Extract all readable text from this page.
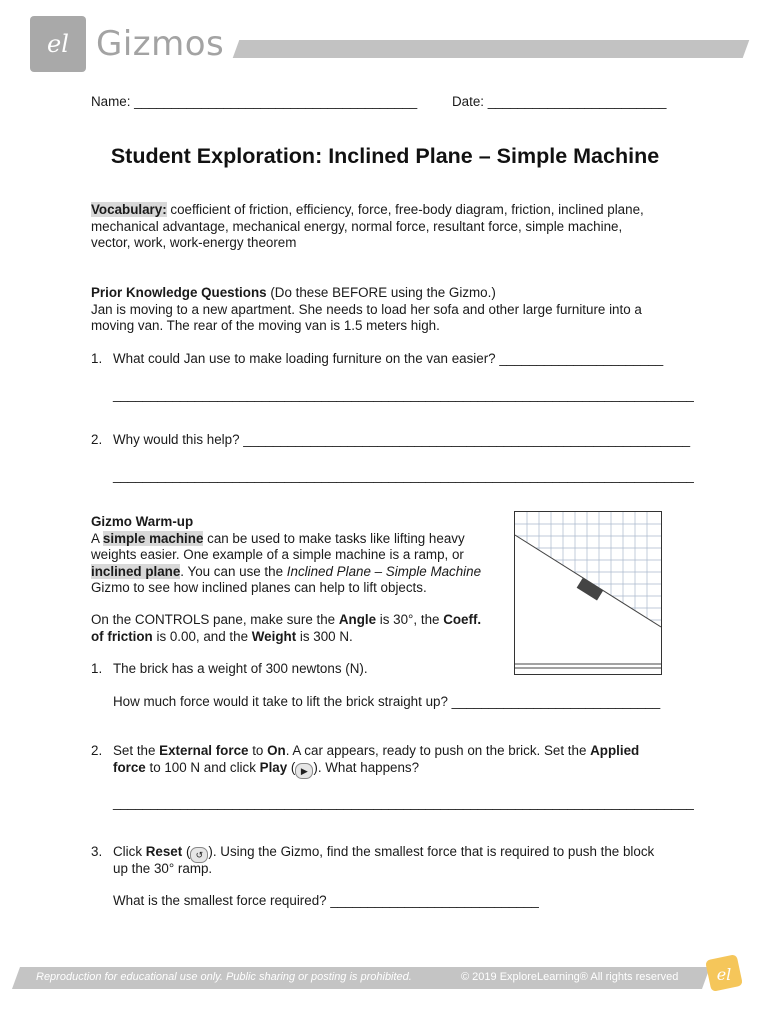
el Gizmos
Name: ______________________________________	Date: ________________________
Student Exploration: Inclined Plane – Simple Machine
Vocabulary: coefficient of friction, efficiency, force, free-body diagram, friction, inclined plane,
mechanical advantage, mechanical energy, normal force, resultant force, simple machine,
vector, work, work-energy theorem
Prior Knowledge Questions (Do these BEFORE using the Gizmo.)
Jan is moving to a new apartment. She needs to load her sofa and other large furniture into a
moving van. The rear of the moving van is 1.5 meters high.
1. What could Jan use to make loading furniture on the van easier? ______________________
______________________________________________________________________________
2. Why would this help? ____________________________________________________________
______________________________________________________________________________
Gizmo Warm-up
A simple machine can be used to make tasks like lifting heavy
weights easier. One example of a simple machine is a ramp, or
inclined plane. You can use the Inclined Plane – Simple Machine
Gizmo to see how inclined planes can help to lift objects.
On the CONTROLS pane, make sure the Angle is 30°, the Coeff.
of friction is 0.00, and the Weight is 300 N.
1. The brick has a weight of 300 newtons (N).
How much force would it take to lift the brick straight up? ____________________________
2. Set the External force to On. A car appears, ready to push on the brick. Set the Applied
force to 100 N and click Play ( ▶ ). What happens?
______________________________________________________________________________
3. Click Reset ( ↺ ). Using the Gizmo, find the smallest force that is required to push the block
up the 30° ramp.
What is the smallest force required? ____________________________
Reproduction for educational use only. Public sharing or posting is prohibited.	© 2019 ExploreLearning® All rights reserved el
